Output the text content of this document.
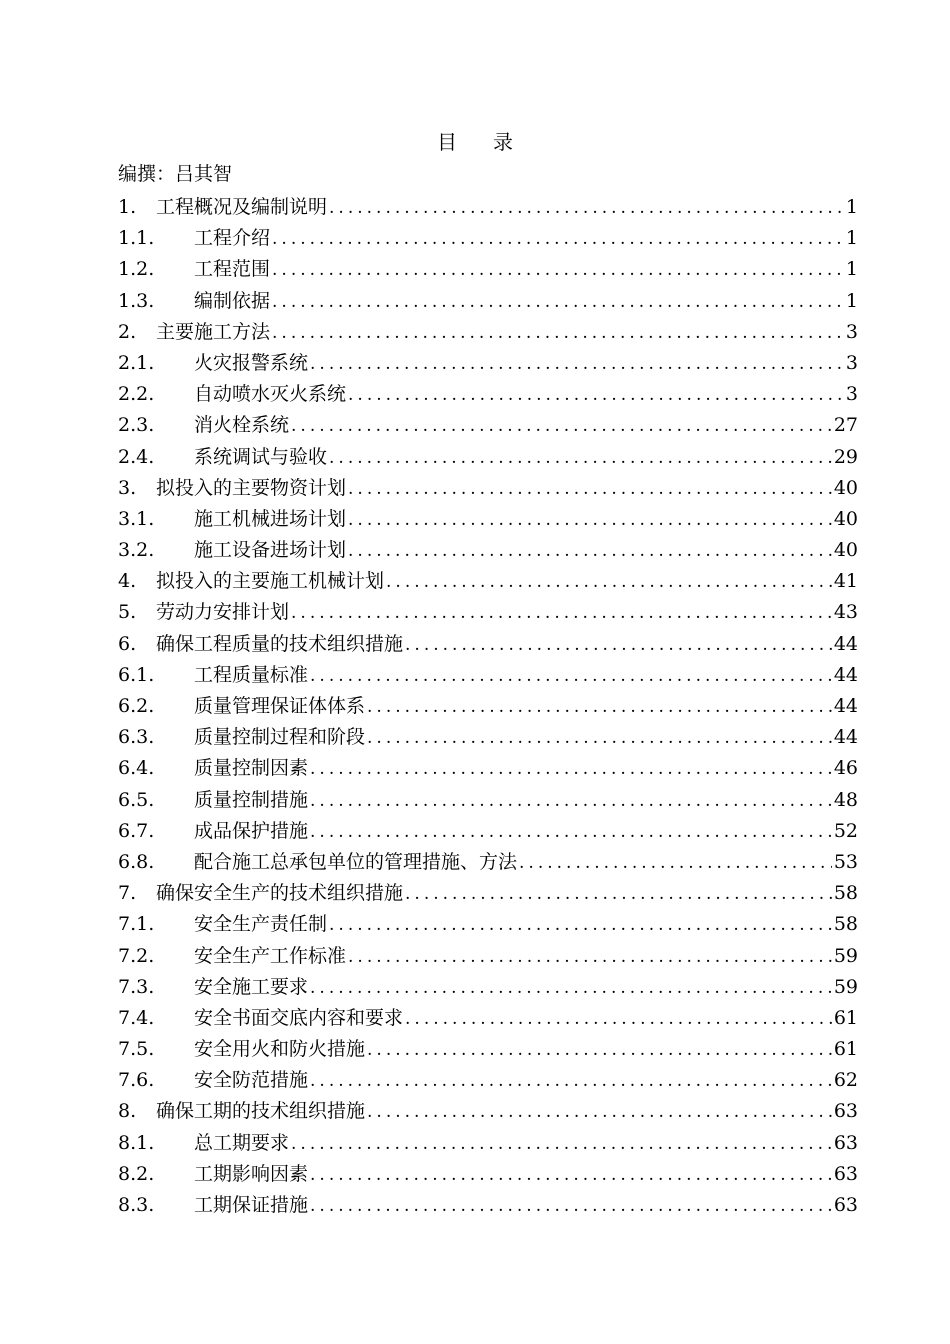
目 录
编撰：吕其智
1.	工程概况及编制说明 .....	1
1.1.	工程介绍 .....	1
1.2.	工程范围 .....	1
1.3.	编制依据 .....	1
2.	主要施工方法 .....	3
2.1.	火灾报警系统 .....	3
2.2.	自动喷水灭火系统 .....	3
2.3.	消火栓系统 .....	27
2.4.	系统调试与验收 .....	29
3.	拟投入的主要物资计划 .....	40
3.1.	施工机械进场计划 .....	40
3.2.	施工设备进场计划 .....	40
4.	拟投入的主要施工机械计划 .....	41
5.	劳动力安排计划 .....	43
6.	确保工程质量的技术组织措施 .....	44
6.1.	工程质量标准 .....	44
6.2.	质量管理保证体体系 .....	44
6.3.	质量控制过程和阶段 .....	44
6.4.	质量控制因素 .....	46
6.5.	质量控制措施 .....	48
6.7.	成品保护措施 .....	52
6.8.	配合施工总承包单位的管理措施、方法 .....	53
7.	确保安全生产的技术组织措施 .....	58
7.1.	安全生产责任制 .....	58
7.2.	安全生产工作标准 .....	59
7.3.	安全施工要求 .....	59
7.4.	安全书面交底内容和要求 .....	61
7.5.	安全用火和防火措施 .....	61
7.6.	安全防范措施 .....	62
8.	确保工期的技术组织措施 .....	63
8.1.	总工期要求 .....	63
8.2.	工期影响因素 .....	63
8.3.	工期保证措施 .....	63
